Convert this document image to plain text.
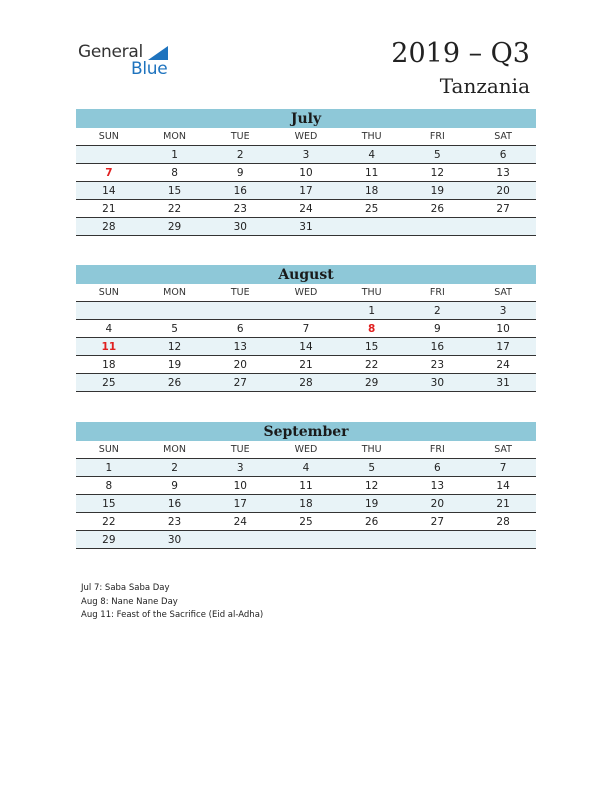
General
Blue	2019 – Q3
Tanzania
July
SUN	MON	TUE	WED	THU	FRI	SAT
	1	2	3	4	5	6
7	8	9	10	11	12	13
14	15	16	17	18	19	20
21	22	23	24	25	26	27
28	29	30	31			
August
SUN	MON	TUE	WED	THU	FRI	SAT
				1	2	3
4	5	6	7	8	9	10
11	12	13	14	15	16	17
18	19	20	21	22	23	24
25	26	27	28	29	30	31
September
SUN	MON	TUE	WED	THU	FRI	SAT
1	2	3	4	5	6	7
8	9	10	11	12	13	14
15	16	17	18	19	20	21
22	23	24	25	26	27	28
29	30					
Jul 7: Saba Saba Day
Aug 8: Nane Nane Day
Aug 11: Feast of the Sacrifice (Eid al-Adha)
